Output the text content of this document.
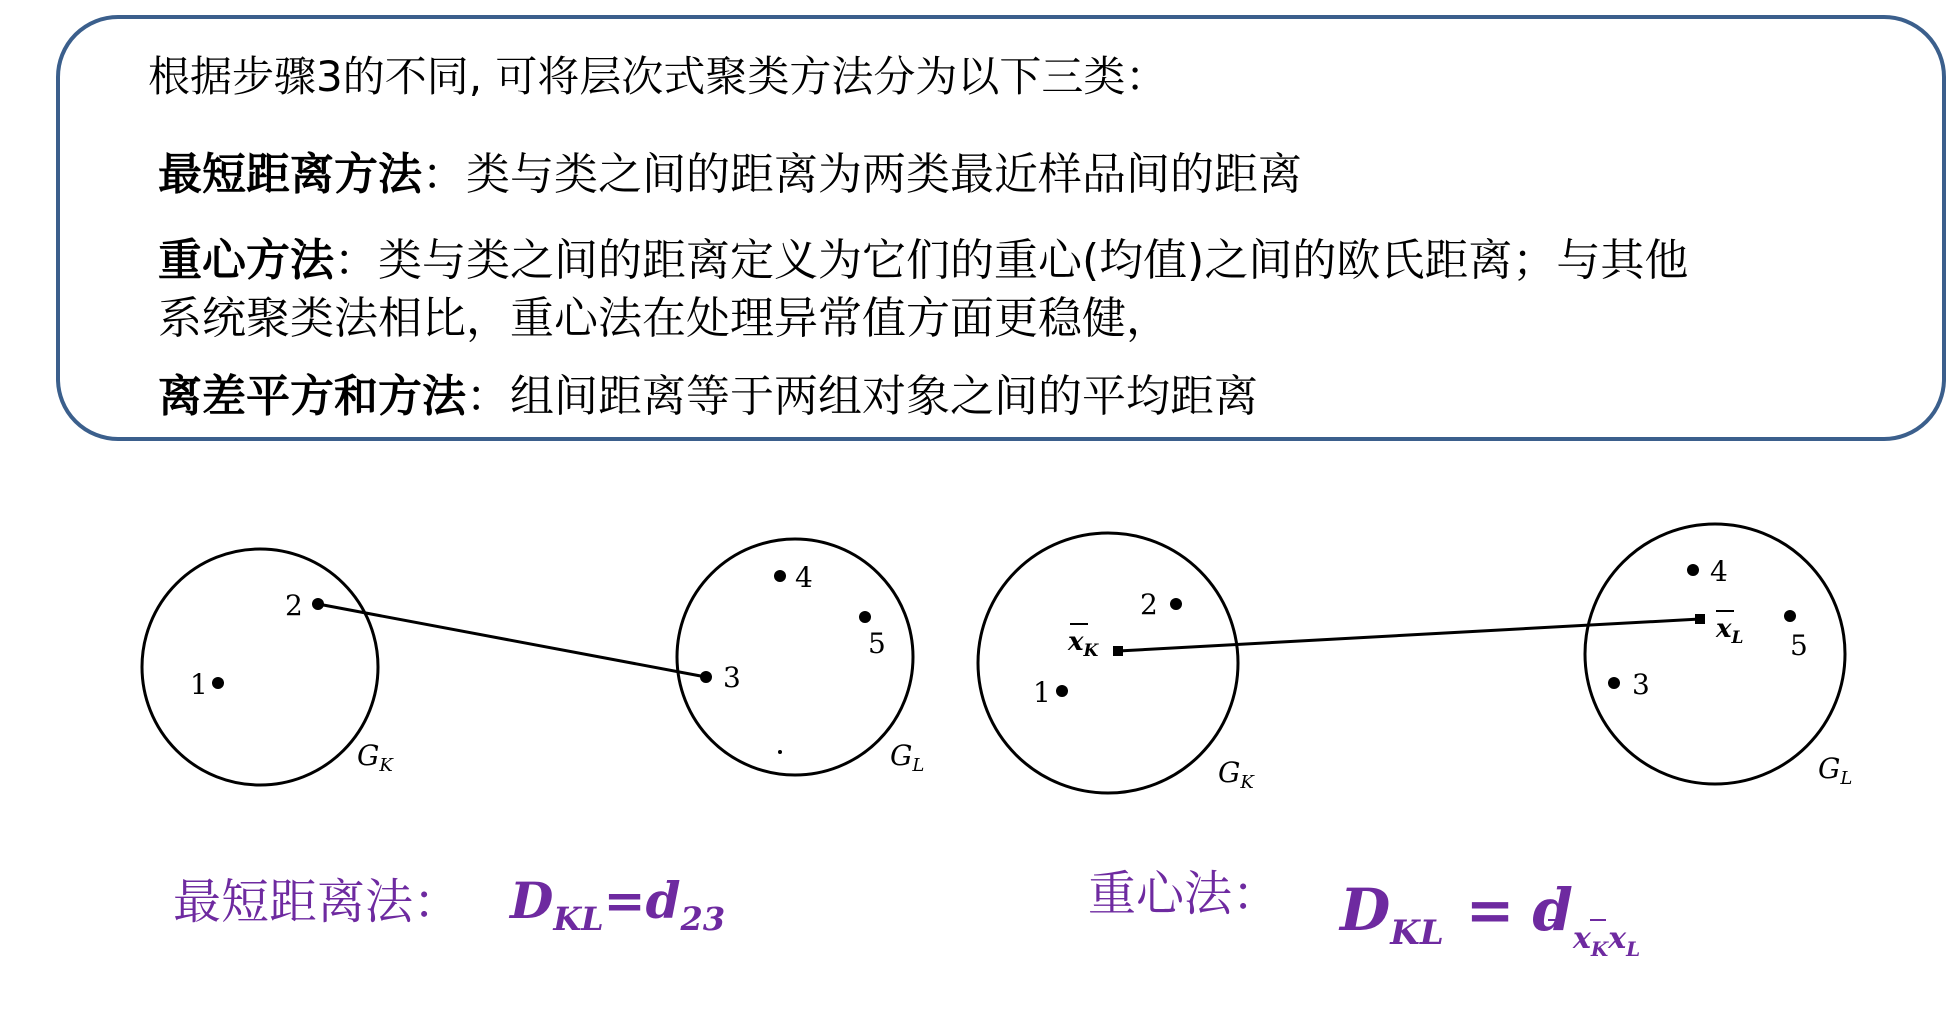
根据步骤3的不同, 可将层次式聚类方法分为以下三类：
最短距离方法：类与类之间的距离为两类最近样品间的距离
重心方法：类与类之间的距离定义为它们的重心(均值)之间的欧氏距离；与其他
系统聚类法相比，重心法在处理异常值方面更稳健，
离差平方和方法：组间距离等于两组对象之间的平均距离
1
2
3
4
5
$G_K$	$G_L$
1
2
3
4
5
$x_K$
$x_L$
$G_K$	$G_L$
最短距离法： $D_{KL}=d_{23}$	重心法： $D_{KL} = d_xKxL$
